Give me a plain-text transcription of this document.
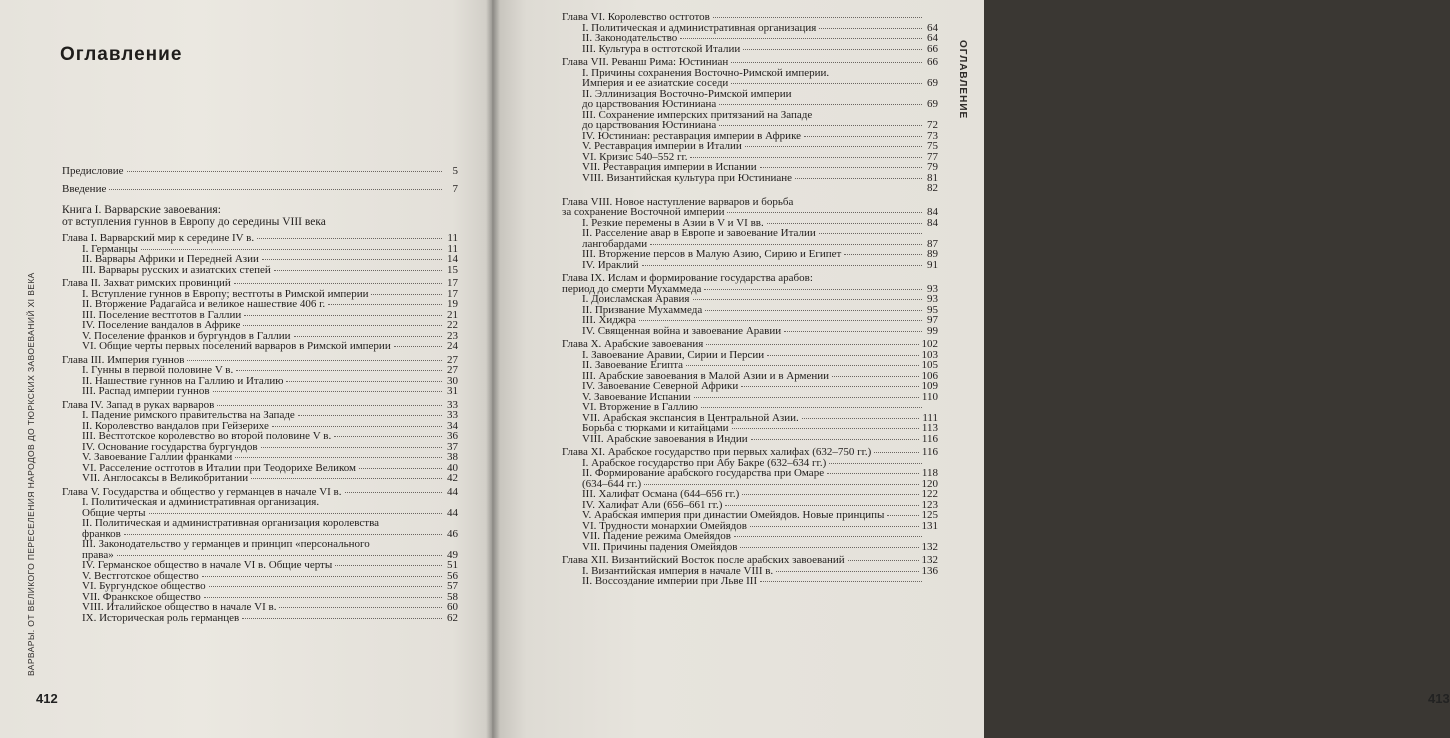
ВАРВАРЫ. ОТ ВЕЛИКОГО ПЕРЕСЕЛЕНИЯ НАРОДОВ ДО ТЮРКСКИХ ЗАВОЕВАНИЙ XI ВЕКА
Оглавление
Предисловие	5
Введение	7
Книга I. Варварские завоевания:
от вступления гуннов в Европу до середины VIII века
Глава I. Варварский мир к середине IV в.	11
I. Германцы	11
II. Варвары Африки и Передней Азии	14
III. Варвары русских и азиатских степей	15
Глава II. Захват римских провинций	17
I. Вступление гуннов в Европу; вестготы в Римской империи	17
II. Вторжение Радагайса и великое нашествие 406 г.	19
III. Поселение вестготов в Галлии	21
IV. Поселение вандалов в Африке	22
V. Поселение франков и бургундов в Галлии	23
VI. Общие черты первых поселений варваров в Римской империи	24
Глава III. Империя гуннов	27
I. Гунны в первой половине V в.	27
II. Нашествие гуннов на Галлию и Италию	30
III. Распад империи гуннов	31
Глава IV. Запад в руках варваров	33
I. Падение римского правительства на Западе	33
II. Королевство вандалов при Гейзерихе	34
III. Вестготское королевство во второй половине V в.	36
IV. Основание государства бургундов	37
V. Завоевание Галлии франками	38
VI. Расселение остготов в Италии при Теодорихе Великом	40
VII. Англосаксы в Великобритании	42
Глава V. Государства и общество у германцев в начале VI в.	44
I. Политическая и административная организация.
Общие черты	44
II. Политическая и административная организация королевства
франков	46
III. Законодательство у германцев и принцип «персонального
права»	49
IV. Германское общество в начале VI в. Общие черты	51
V. Вестготское общество	56
VI. Бургундское общество	57
VII. Франкское общество	58
VIII. Италийское общество в начале VI в.	60
IX. Историческая роль германцев	62
412	413
ОГЛАВЛЕНИЕ
Глава VI. Королевство остготов
I. Политическая и административная организация	64
II. Законодательство	64
III. Культура в остготской Италии	66
Глава VII. Реванш Рима: Юстиниан	66
I. Причины сохранения Восточно-Римской империи.
Империя и ее азиатские соседи	69
II. Эллинизация Восточно-Римской империи
до царствования Юстиниана	69
III. Сохранение имперских притязаний на Западе
до царствования Юстиниана	72
IV. Юстиниан: реставрация империи в Африке	73
V. Реставрация империи в Италии	75
VI. Кризис 540–552 гг.	77
VII. Реставрация империи в Испании	79
VIII. Византийская культура при Юстиниане	81
82
Глава VIII. Новое наступление варваров и борьба
за сохранение Восточной империи	84
I. Резкие перемены в Азии в V и VI вв.	84
II. Расселение авар в Европе и завоевание Италии
лангобардами	87
III. Вторжение персов в Малую Азию, Сирию и Египет	89
IV. Ираклий	91
Глава IX. Ислам и формирование государства арабов:
период до смерти Мухаммеда	93
I. Доисламская Аравия	93
II. Призвание Мухаммеда	95
III. Хиджра	97
IV. Священная война и завоевание Аравии	99
Глава X. Арабские завоевания	102
I. Завоевание Аравии, Сирии и Персии	103
II. Завоевание Египта	105
III. Арабские завоевания в Малой Азии и в Армении	106
IV. Завоевание Северной Африки	109
V. Завоевание Испании	110
VI. Вторжение в Галлию
VII. Арабская экспансия в Центральной Азии.	111
Борьба с тюрками и китайцами	113
VIII. Арабские завоевания в Индии	116
Глава XI. Арабское государство при первых халифах (632–750 гг.)	116
I. Арабское государство при Абу Бакре (632–634 гг.)
II. Формирование арабского государства при Омаре	118
(634–644 гг.)	120
III. Халифат Османа (644–656 гг.)	122
IV. Халифат Али (656–661 гг.)	123
V. Арабская империя при династии Омейядов. Новые принципы	125
VI. Трудности монархии Омейядов	131
VII. Падение режима Омейядов
VII. Причины падения Омейядов	132
Глава XII. Византийский Восток после арабских завоеваний	132
I. Византийская империя в начале VIII в.	136
II. Воссоздание империи при Льве III
